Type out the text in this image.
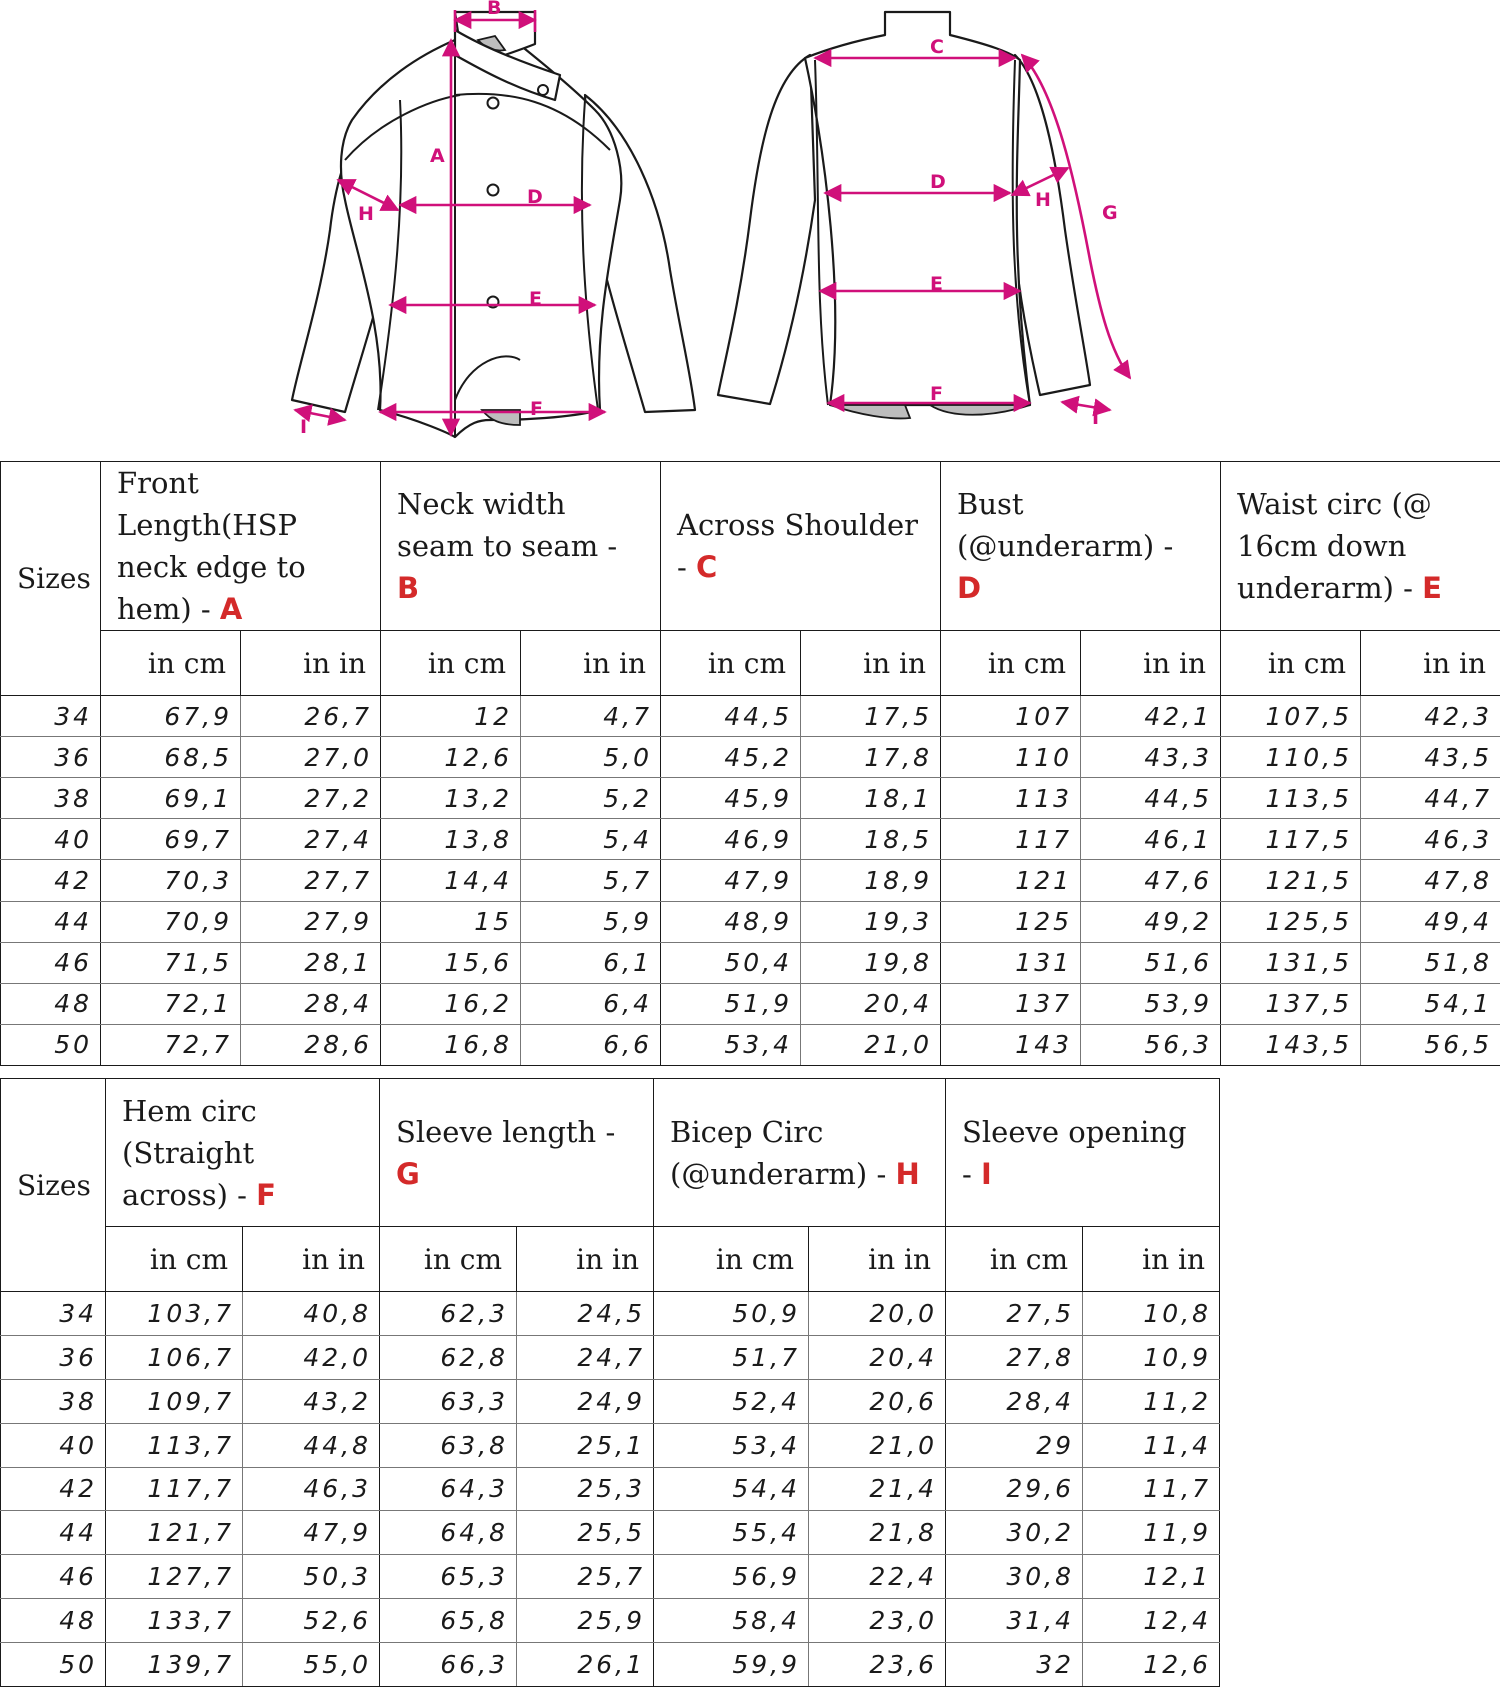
B
A
D
H
E
F
I
C
D
H
G
E
F
I
Sizes	Front Length(HSP neck edge to hem) - A		Neck width seam to seam - B		Across Shoulder - C		Bust (@underarm) - D		Waist circ (@ 16cm down underarm) - E	
	in cm	in in	in cm	in in	in cm	in in	in cm	in in	in cm	in in
34	67,9	26,7	12	4,7	44,5	17,5	107	42,1	107,5	42,3
36	68,5	27,0	12,6	5,0	45,2	17,8	110	43,3	110,5	43,5
38	69,1	27,2	13,2	5,2	45,9	18,1	113	44,5	113,5	44,7
40	69,7	27,4	13,8	5,4	46,9	18,5	117	46,1	117,5	46,3
42	70,3	27,7	14,4	5,7	47,9	18,9	121	47,6	121,5	47,8
44	70,9	27,9	15	5,9	48,9	19,3	125	49,2	125,5	49,4
46	71,5	28,1	15,6	6,1	50,4	19,8	131	51,6	131,5	51,8
48	72,1	28,4	16,2	6,4	51,9	20,4	137	53,9	137,5	54,1
50	72,7	28,6	16,8	6,6	53,4	21,0	143	56,3	143,5	56,5
Sizes	Hem circ (Straight across) - F		Sleeve length - G		Bicep Circ (@underarm) - H		Sleeve opening - I	
	in cm	in in	in cm	in in	in cm	in in	in cm	in in
34	103,7	40,8	62,3	24,5	50,9	20,0	27,5	10,8
36	106,7	42,0	62,8	24,7	51,7	20,4	27,8	10,9
38	109,7	43,2	63,3	24,9	52,4	20,6	28,4	11,2
40	113,7	44,8	63,8	25,1	53,4	21,0	29	11,4
42	117,7	46,3	64,3	25,3	54,4	21,4	29,6	11,7
44	121,7	47,9	64,8	25,5	55,4	21,8	30,2	11,9
46	127,7	50,3	65,3	25,7	56,9	22,4	30,8	12,1
48	133,7	52,6	65,8	25,9	58,4	23,0	31,4	12,4
50	139,7	55,0	66,3	26,1	59,9	23,6	32	12,6
